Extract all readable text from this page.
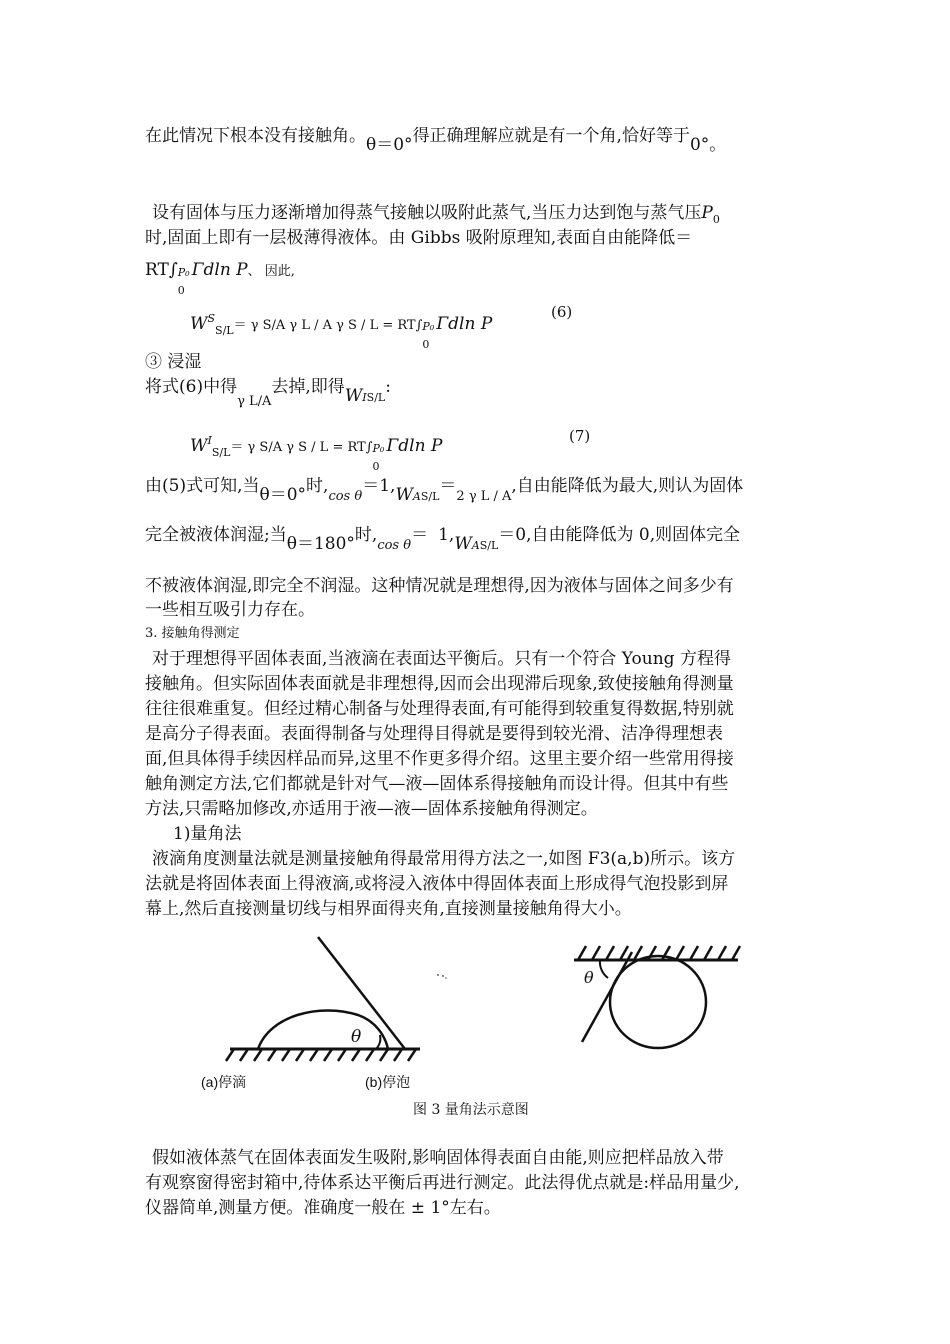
在此情况下根本没有接触角。θ＝0°得正确理解应就是有一个角,恰好等于0°。
设有固体与压力逐渐增加得蒸气接触以吸附此蒸气,当压力达到饱与蒸气压$P_0$
时,固面上即有一层极薄得液体。由 Gibbs 吸附原理知,表面自由能降低＝
RT∫ P₀
0
Γdln P、 因此,
$W^S_{S/L}= \gamma$ S/A γ L / A γ S / L = RT∫ P₀
0
Γdln P
(6)
③ 浸湿
将式(6)中得$_{\gamma L/A}$去掉,即得$W_{IS/L}$:
$W^I_{S/L}= \gamma$ S/A γ S / L = RT∫ P₀
0
Γdln P	(7)
由(5)式可知,当θ＝0°时$,_{cos \theta}=1,W_{AS/L}=_{2 \gamma L / A}$,自由能降低为最大,则认为固体
完全被液体润湿;当θ＝180°时$,_{cos \theta}= 1,W_{AS/L}=0$,自由能降低为 0,则固体完全
不被液体润湿,即完全不润湿。这种情况就是理想得,因为液体与固体之间多少有
一些相互吸引力存在。
3. 接触角得测定
对于理想得平固体表面,当液滴在表面达平衡后。只有一个符合 Young 方程得
接触角。但实际固体表面就是非理想得,因而会出现滞后现象,致使接触角得测量
往往很难重复。但经过精心制备与处理得表面,有可能得到较重复得数据,特别就
是高分子得表面。表面得制备与处理得目得就是要得到较光滑、洁净得理想表
面,但具体得手续因样品而异,这里不作更多得介绍。这里主要介绍一些常用得接
触角测定方法,它们都就是针对气—液—固体系得接触角而设计得。但其中有些
方法,只需略加修改,亦适用于液—液—固体系接触角得测定。
1)量角法
液滴角度测量法就是测量接触角得最常用得方法之一,如图 F3(a,b)所示。该方
法就是将固体表面上得液滴,或将浸入液体中得固体表面上形成得气泡投影到屏
幕上,然后直接测量切线与相界面得夹角,直接测量接触角得大小。
θ
θ
(a)停滴	(b)停泡
图 3 量角法示意图
假如液体蒸气在固体表面发生吸附,影响固体得表面自由能,则应把样品放入带
有观察窗得密封箱中,待体系达平衡后再进行测定。此法得优点就是:样品用量少,
仪器简单,测量方便。准确度一般在 ± 1°左右。
